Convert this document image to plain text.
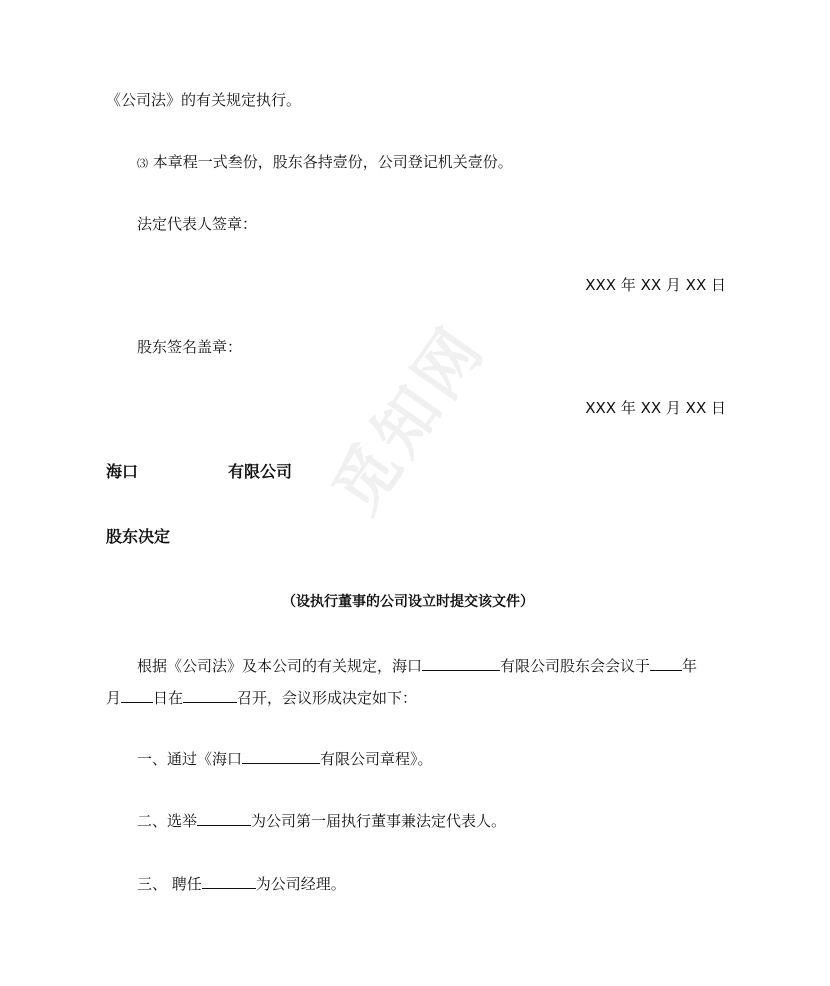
觅知网
《公司法》的有关规定执行。
⑶ 本章程一式叁份，股东各持壹份，公司登记机关壹份。
法定代表人签章：
XXX 年 XX 月 XX 日
股东签名盖章：
XXX 年 XX 月 XX 日
海口	有限公司
股东决定
（设执行董事的公司设立时提交该文件）
根据《公司法》及本公司的有关规定，海口	有限公司股东会会议于 年
月 日在	召开，会议形成决定如下：
一、通过《海口	有限公司章程》。
二、选举	为公司第一届执行董事兼法定代表人。
三、 聘任	为公司经理。
